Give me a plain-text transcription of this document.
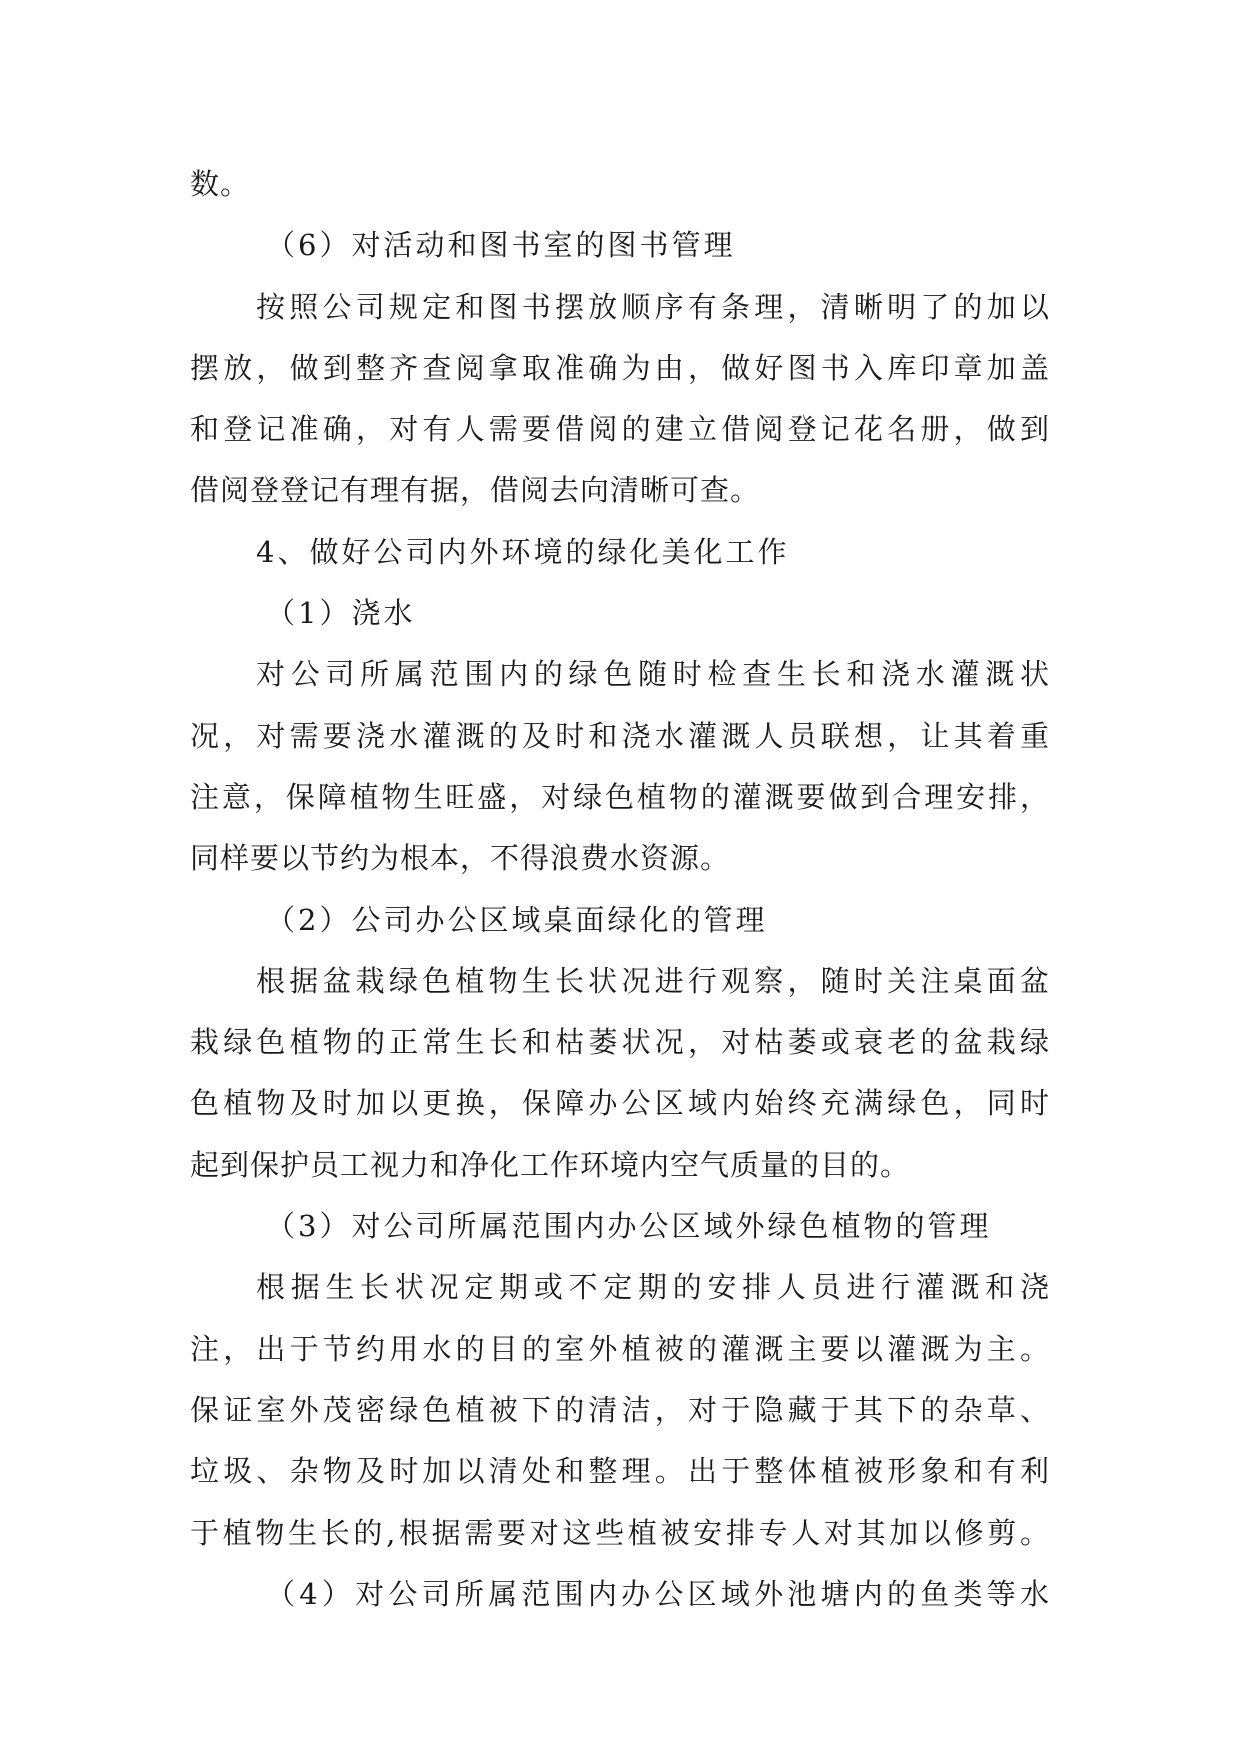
数。
（6）对活动和图书室的图书管理
按照公司规定和图书摆放顺序有条理，清晰明了的加以
摆放，做到整齐查阅拿取准确为由，做好图书入库印章加盖
和登记准确，对有人需要借阅的建立借阅登记花名册，做到
借阅登登记有理有据，借阅去向清晰可查。
4、做好公司内外环境的绿化美化工作
（1）浇水
对公司所属范围内的绿色随时检查生长和浇水灌溉状
况，对需要浇水灌溉的及时和浇水灌溉人员联想，让其着重
注意，保障植物生旺盛，对绿色植物的灌溉要做到合理安排，
同样要以节约为根本，不得浪费水资源。
（2）公司办公区域桌面绿化的管理
根据盆栽绿色植物生长状况进行观察，随时关注桌面盆
栽绿色植物的正常生长和枯萎状况，对枯萎或衰老的盆栽绿
色植物及时加以更换，保障办公区域内始终充满绿色，同时
起到保护员工视力和净化工作环境内空气质量的目的。
（3）对公司所属范围内办公区域外绿色植物的管理
根据生长状况定期或不定期的安排人员进行灌溉和浇
注，出于节约用水的目的室外植被的灌溉主要以灌溉为主。
保证室外茂密绿色植被下的清洁，对于隐藏于其下的杂草、
垃圾、杂物及时加以清处和整理。出于整体植被形象和有利
于植物生长的,根据需要对这些植被安排专人对其加以修剪。
（4）对公司所属范围内办公区域外池塘内的鱼类等水
